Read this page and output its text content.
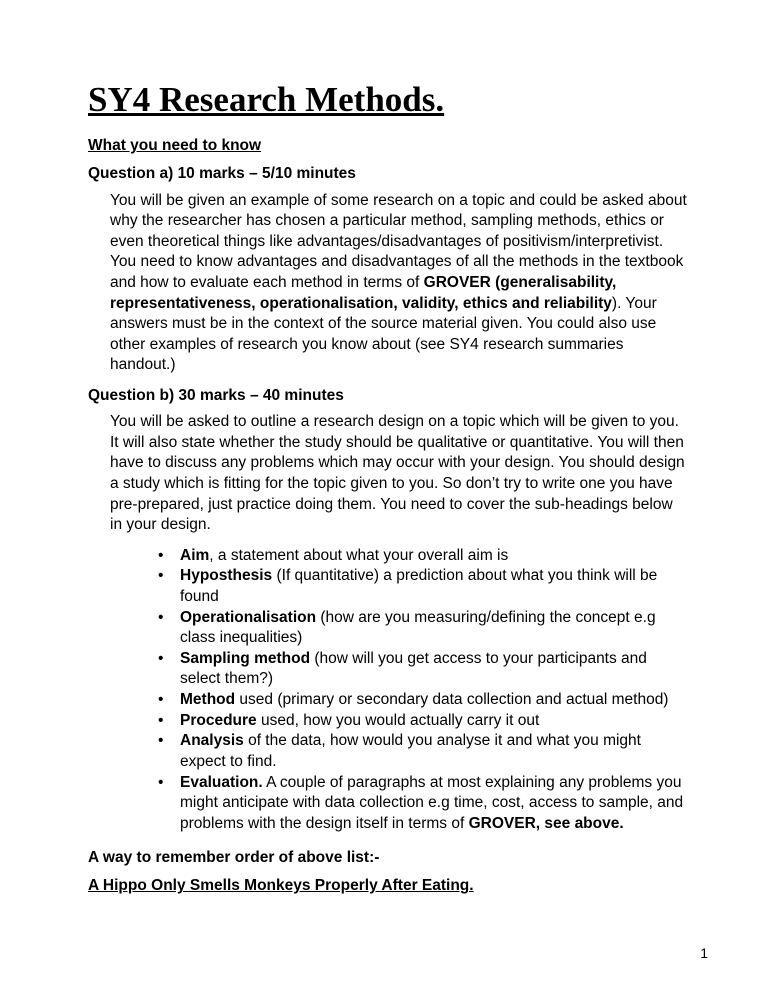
SY4 Research Methods.
What you need to know
Question a) 10 marks – 5/10 minutes

You will be given an example of some research on a topic and could be asked about why the researcher has chosen a particular method, sampling methods, ethics or even theoretical things like advantages/disadvantages of positivism/interpretivist. You need to know advantages and disadvantages of all the methods in the textbook and how to evaluate each method in terms of GROVER (generalisability, representativeness, operationalisation, validity, ethics and reliability). Your answers must be in the context of the source material given. You could also use other examples of research you know about (see SY4 research summaries handout.)

Question b) 30 marks – 40 minutes

You will be asked to outline a research design on a topic which will be given to you. It will also state whether the study should be qualitative or quantitative. You will then have to discuss any problems which may occur with your design. You should design a study which is fitting for the topic given to you. So don’t try to write one you have pre-prepared, just practice doing them. You need to cover the sub-headings below in your design.

• Aim, a statement about what your overall aim is
• Hyposthesis (If quantitative) a prediction about what you think will be found
• Operationalisation (how are you measuring/defining the concept e.g class inequalities)
• Sampling method (how will you get access to your participants and select them?)
• Method used (primary or secondary data collection and actual method)
• Procedure used, how you would actually carry it out
• Analysis of the data, how would you analyse it and what you might expect to find.
• Evaluation. A couple of paragraphs at most explaining any problems you might anticipate with data collection e.g time, cost, access to sample, and problems with the design itself in terms of GROVER, see above.
A way to remember order of above list:-

A Hippo Only Smells Monkeys Properly After Eating.

1
